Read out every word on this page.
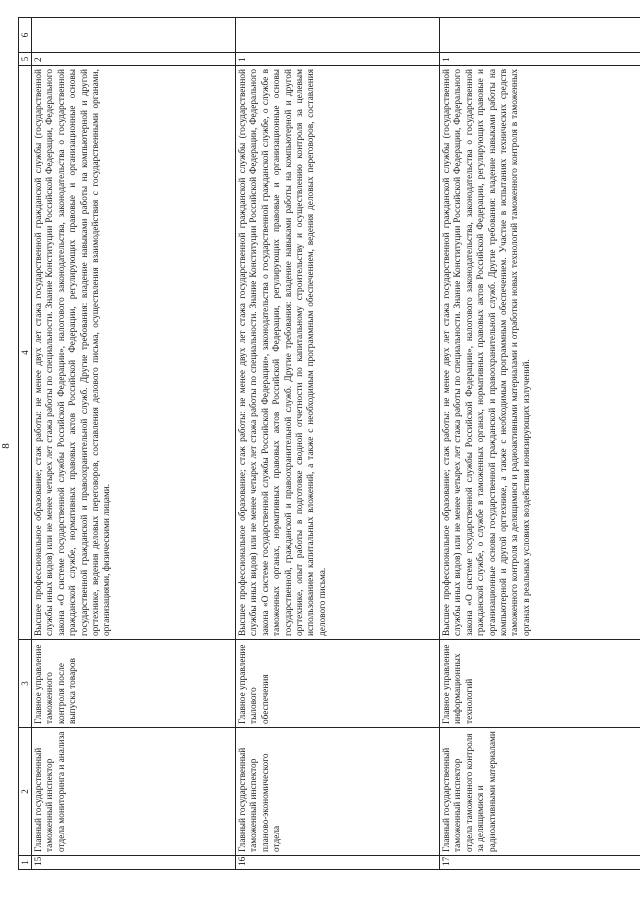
8
1	2	3	4	5	6
15.	Главный государственный таможенный инспектор отдела мониторинга и анализа	Главное управление таможенного контроля после выпуска товаров	Высшее профессиональное образование; стаж работы: не менее двух лет стажа государственной гражданской службы (государственной службы иных видов) или не менее четырех лет стажа работы по специальности. Знание Конституции Российской Федерации, Федерального закона «О системе государственной службы Российской Федерации», налогового законодательства, законодательства о государственной гражданской службе, нормативных правовых актов Российской Федерации, регулирующих правовые и организационные основы государственной гражданской и правоохранительной служб. Другие требования: владение навыками работы на компьютерной и другой оргтехнике, ведения деловых переговоров, составления делового письма, осуществления взаимодействия с государственными органами, организациями, физическими лицами.	2	
16.	Главный государственный таможенный инспектор планово-экономического отдела	Главное управление тылового обеспечения	Высшее профессиональное образование; стаж работы: не менее двух лет стажа государственной гражданской службы (государственной службы иных видов) или не менее четырех лет стажа работы по специальности. Знание Конституции Российской Федерации, Федерального закона «О системе государственной службы Российской Федерации», законодательства о государственной гражданской службе, о службе в таможенных органах, нормативных правовых актов Российской Федерации, регулирующих правовые и организационные основы государственной, гражданской и правоохранительной служб. Другие требования: владение навыками работы на компьютерной и другой оргтехнике, опыт работы в подготовке сводной отчетности по капитальному строительству и осуществлению контроля за целевым использованием капитальных вложений, а также с необходимым программным обеспечением, ведения деловых переговоров, составления делового письма.	1	
17.	Главный государственный таможенный инспектор отдела таможенного контроля за делящимися и радиоактивными материалами	Главное управление информационных технологий	Высшее профессиональное образование; стаж работы: не менее двух лет стажа государственной гражданской службы (государственной службы иных видов) или не менее четырех лет стажа работы по специальности. Знание Конституции Российской Федерации, Федерального закона «О системе государственной службы Российской Федерации», налогового законодательства, законодательства о государственной гражданской службе, о службе в таможенных органах, нормативных правовых актов Российской Федерации, регулирующих правовые и организационные основы государственной гражданской и правоохранительной служб. Другие требования: владение навыками работы на компьютерной и другой оргтехнике, а также с необходимым программным обеспечением. Участие в испытаниях технических средств таможенного контроля за делящимися и радиоактивными материалами и отработки новых технологий таможенного контроля в таможенных органах в реальных условиях воздействия ионизирующих излучений.	1	
